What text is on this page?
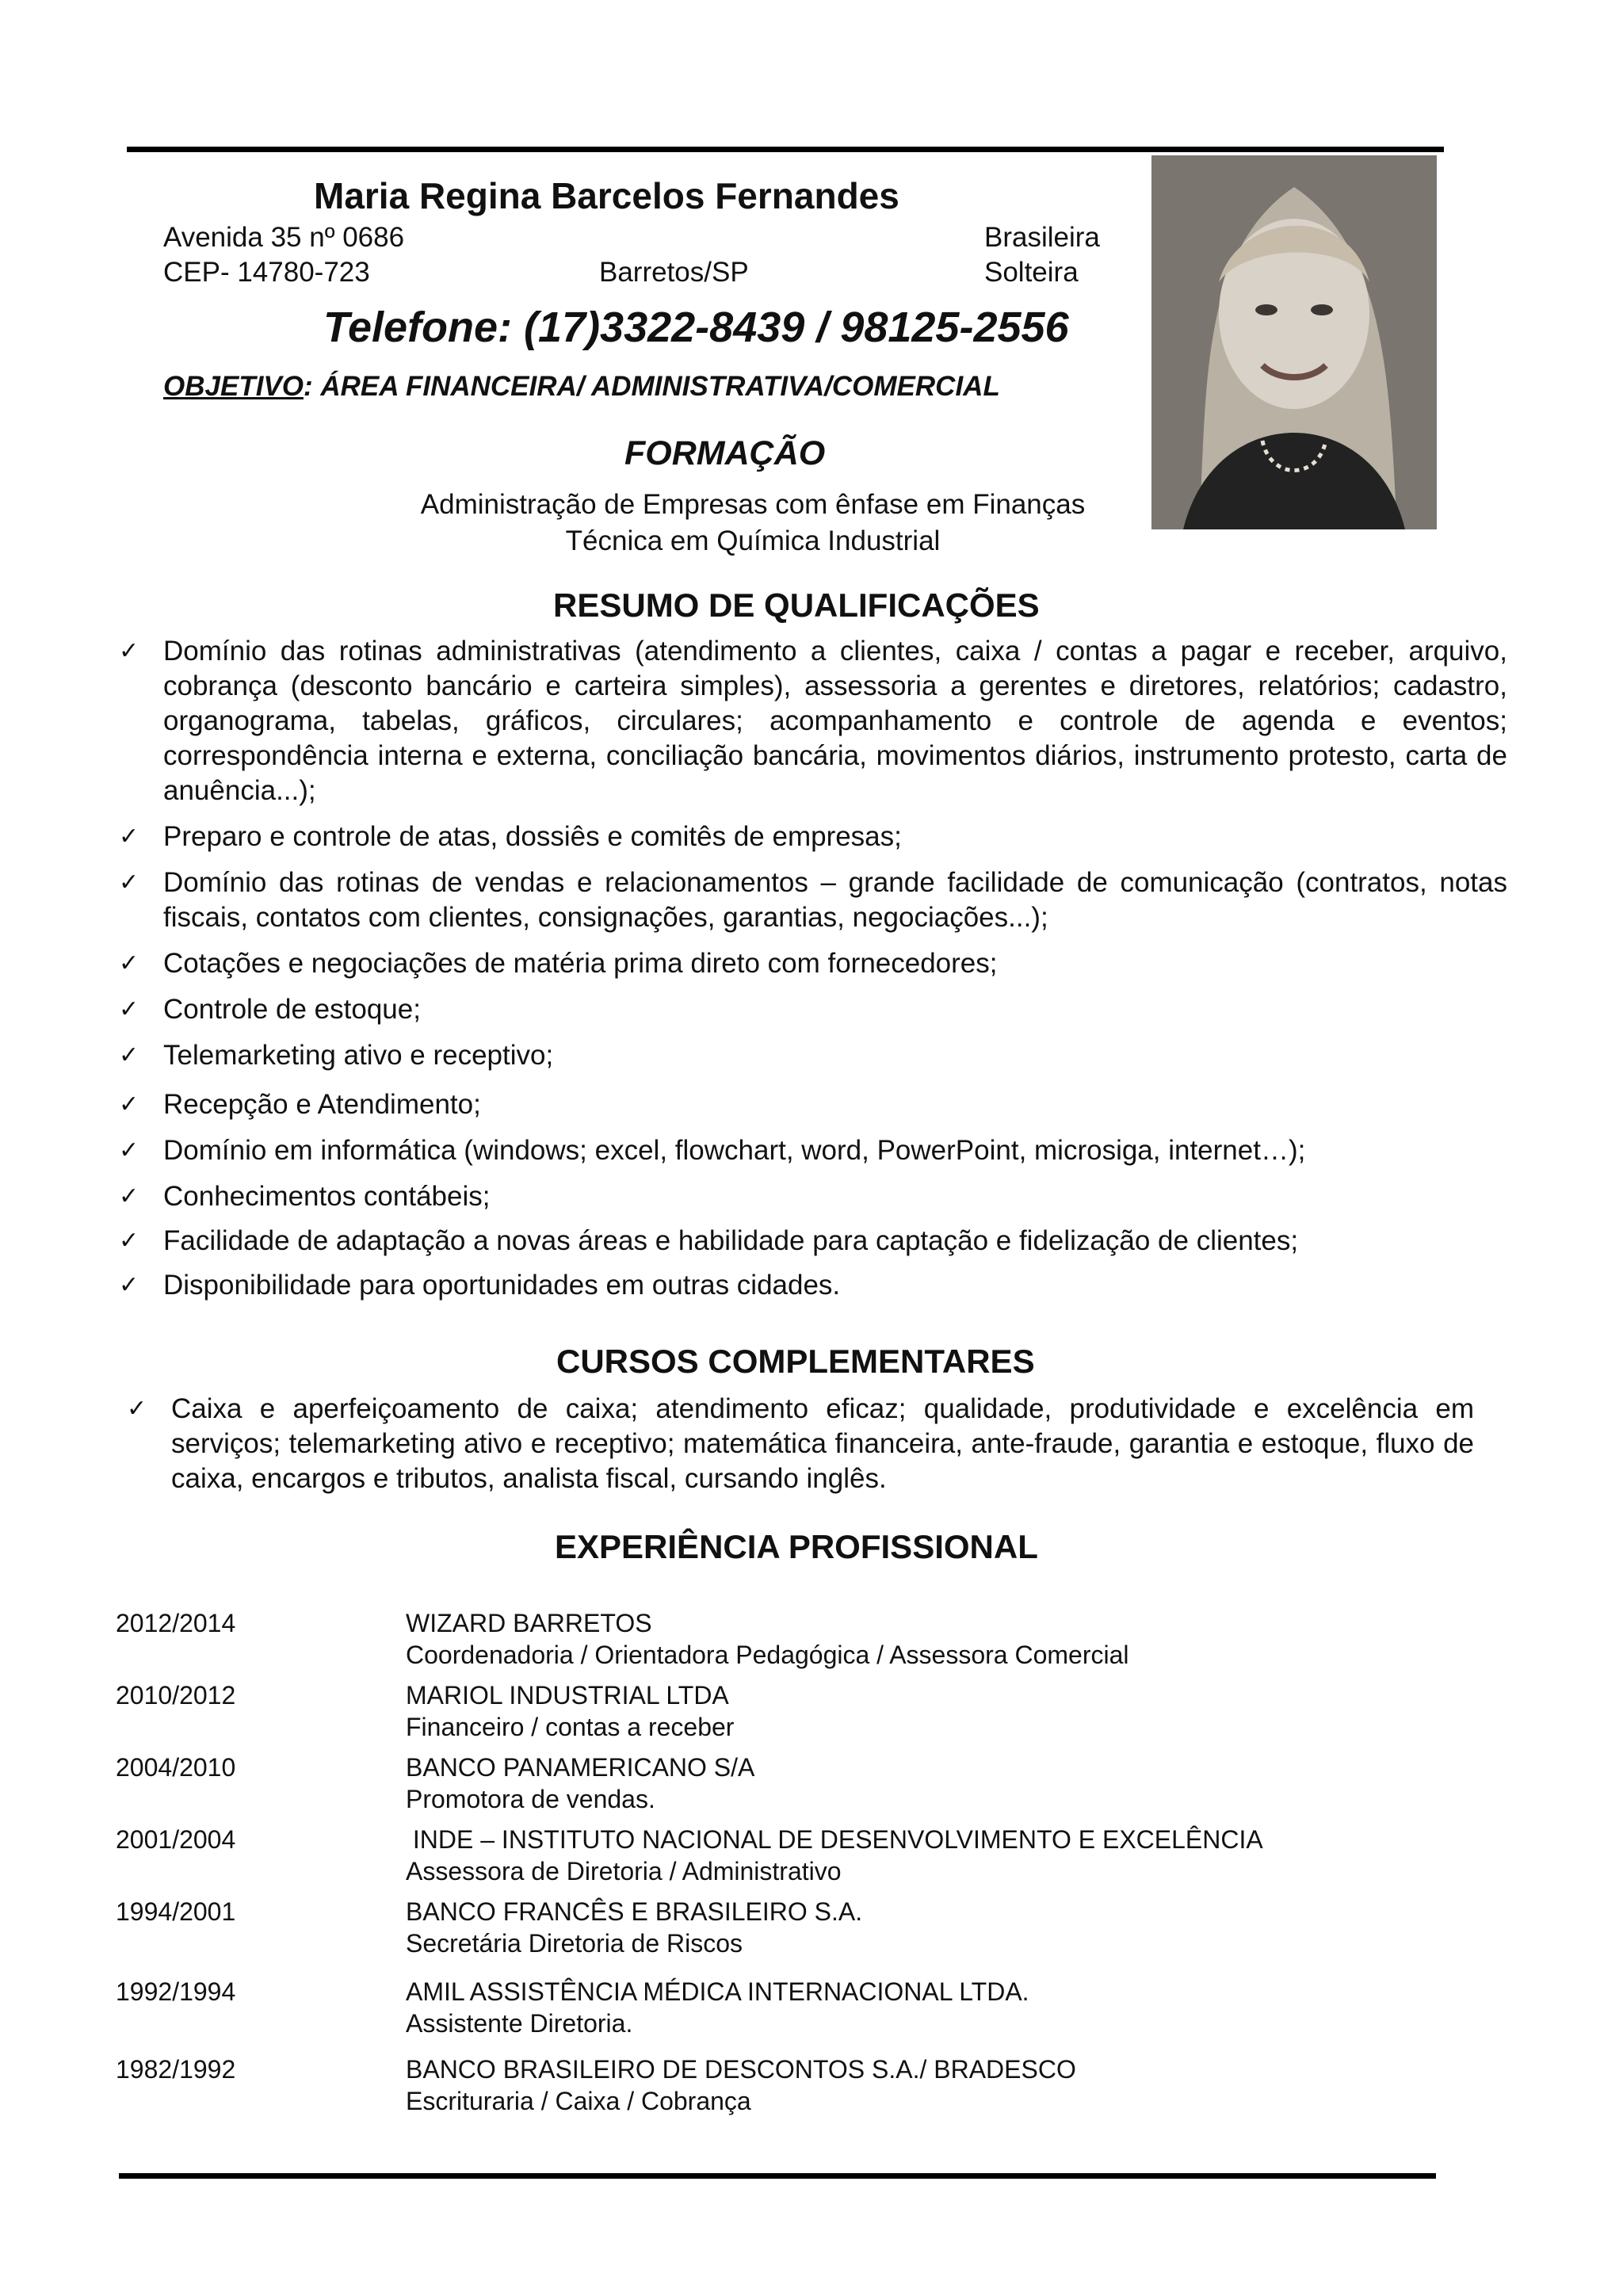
Maria Regina Barcelos Fernandes
Avenida 35 nº 0686
CEP- 14780-723	Barretos/SP
Brasileira
Solteira
Telefone: (17)3322-8439 / 98125-2556
OBJETIVO: ÁREA FINANCEIRA/ ADMINISTRATIVA/COMERCIAL
FORMAÇÃO
Administração de Empresas com ênfase em Finanças
Técnica em Química Industrial
RESUMO DE QUALIFICAÇÕES
✓ Domínio das rotinas administrativas (atendimento a clientes, caixa / contas a pagar e receber, arquivo, cobrança (desconto bancário e carteira simples), assessoria a gerentes e diretores, relatórios; cadastro, organograma, tabelas, gráficos, circulares; acompanhamento e controle de agenda e eventos; correspondência interna e externa, conciliação bancária, movimentos diários, instrumento protesto, carta de anuência...);
✓ Preparo e controle de atas, dossiês e comitês de empresas;
✓ Domínio das rotinas de vendas e relacionamentos – grande facilidade de comunicação (contratos, notas fiscais, contatos com clientes, consignações, garantias, negociações...);
✓ Cotações e negociações de matéria prima direto com fornecedores;
✓ Controle de estoque;
✓ Telemarketing ativo e receptivo;
✓ Recepção e Atendimento;
✓ Domínio em informática (windows; excel, flowchart, word, PowerPoint, microsiga, internet…);
✓ Conhecimentos contábeis;
✓ Facilidade de adaptação a novas áreas e habilidade para captação e fidelização de clientes;
✓ Disponibilidade para oportunidades em outras cidades.
CURSOS COMPLEMENTARES
✓ Caixa e aperfeiçoamento de caixa; atendimento eficaz; qualidade, produtividade e excelência em serviços; telemarketing ativo e receptivo; matemática financeira, ante-fraude, garantia e estoque, fluxo de caixa, encargos e tributos, analista fiscal, cursando inglês.
EXPERIÊNCIA PROFISSIONAL
2012/2014	WIZARD BARRETOS
Coordenadoria / Orientadora Pedagógica / Assessora Comercial
2010/2012	MARIOL INDUSTRIAL LTDA
Financeiro / contas a receber
2004/2010	BANCO PANAMERICANO S/A
Promotora de vendas.
2001/2004	INDE – INSTITUTO NACIONAL DE DESENVOLVIMENTO E EXCELÊNCIA
Assessora de Diretoria / Administrativo
1994/2001	BANCO FRANCÊS E BRASILEIRO S.A.
Secretária Diretoria de Riscos
1992/1994	AMIL ASSISTÊNCIA MÉDICA INTERNACIONAL LTDA.
Assistente Diretoria.
1982/1992	BANCO BRASILEIRO DE DESCONTOS S.A./ BRADESCO
Escrituraria / Caixa / Cobrança
